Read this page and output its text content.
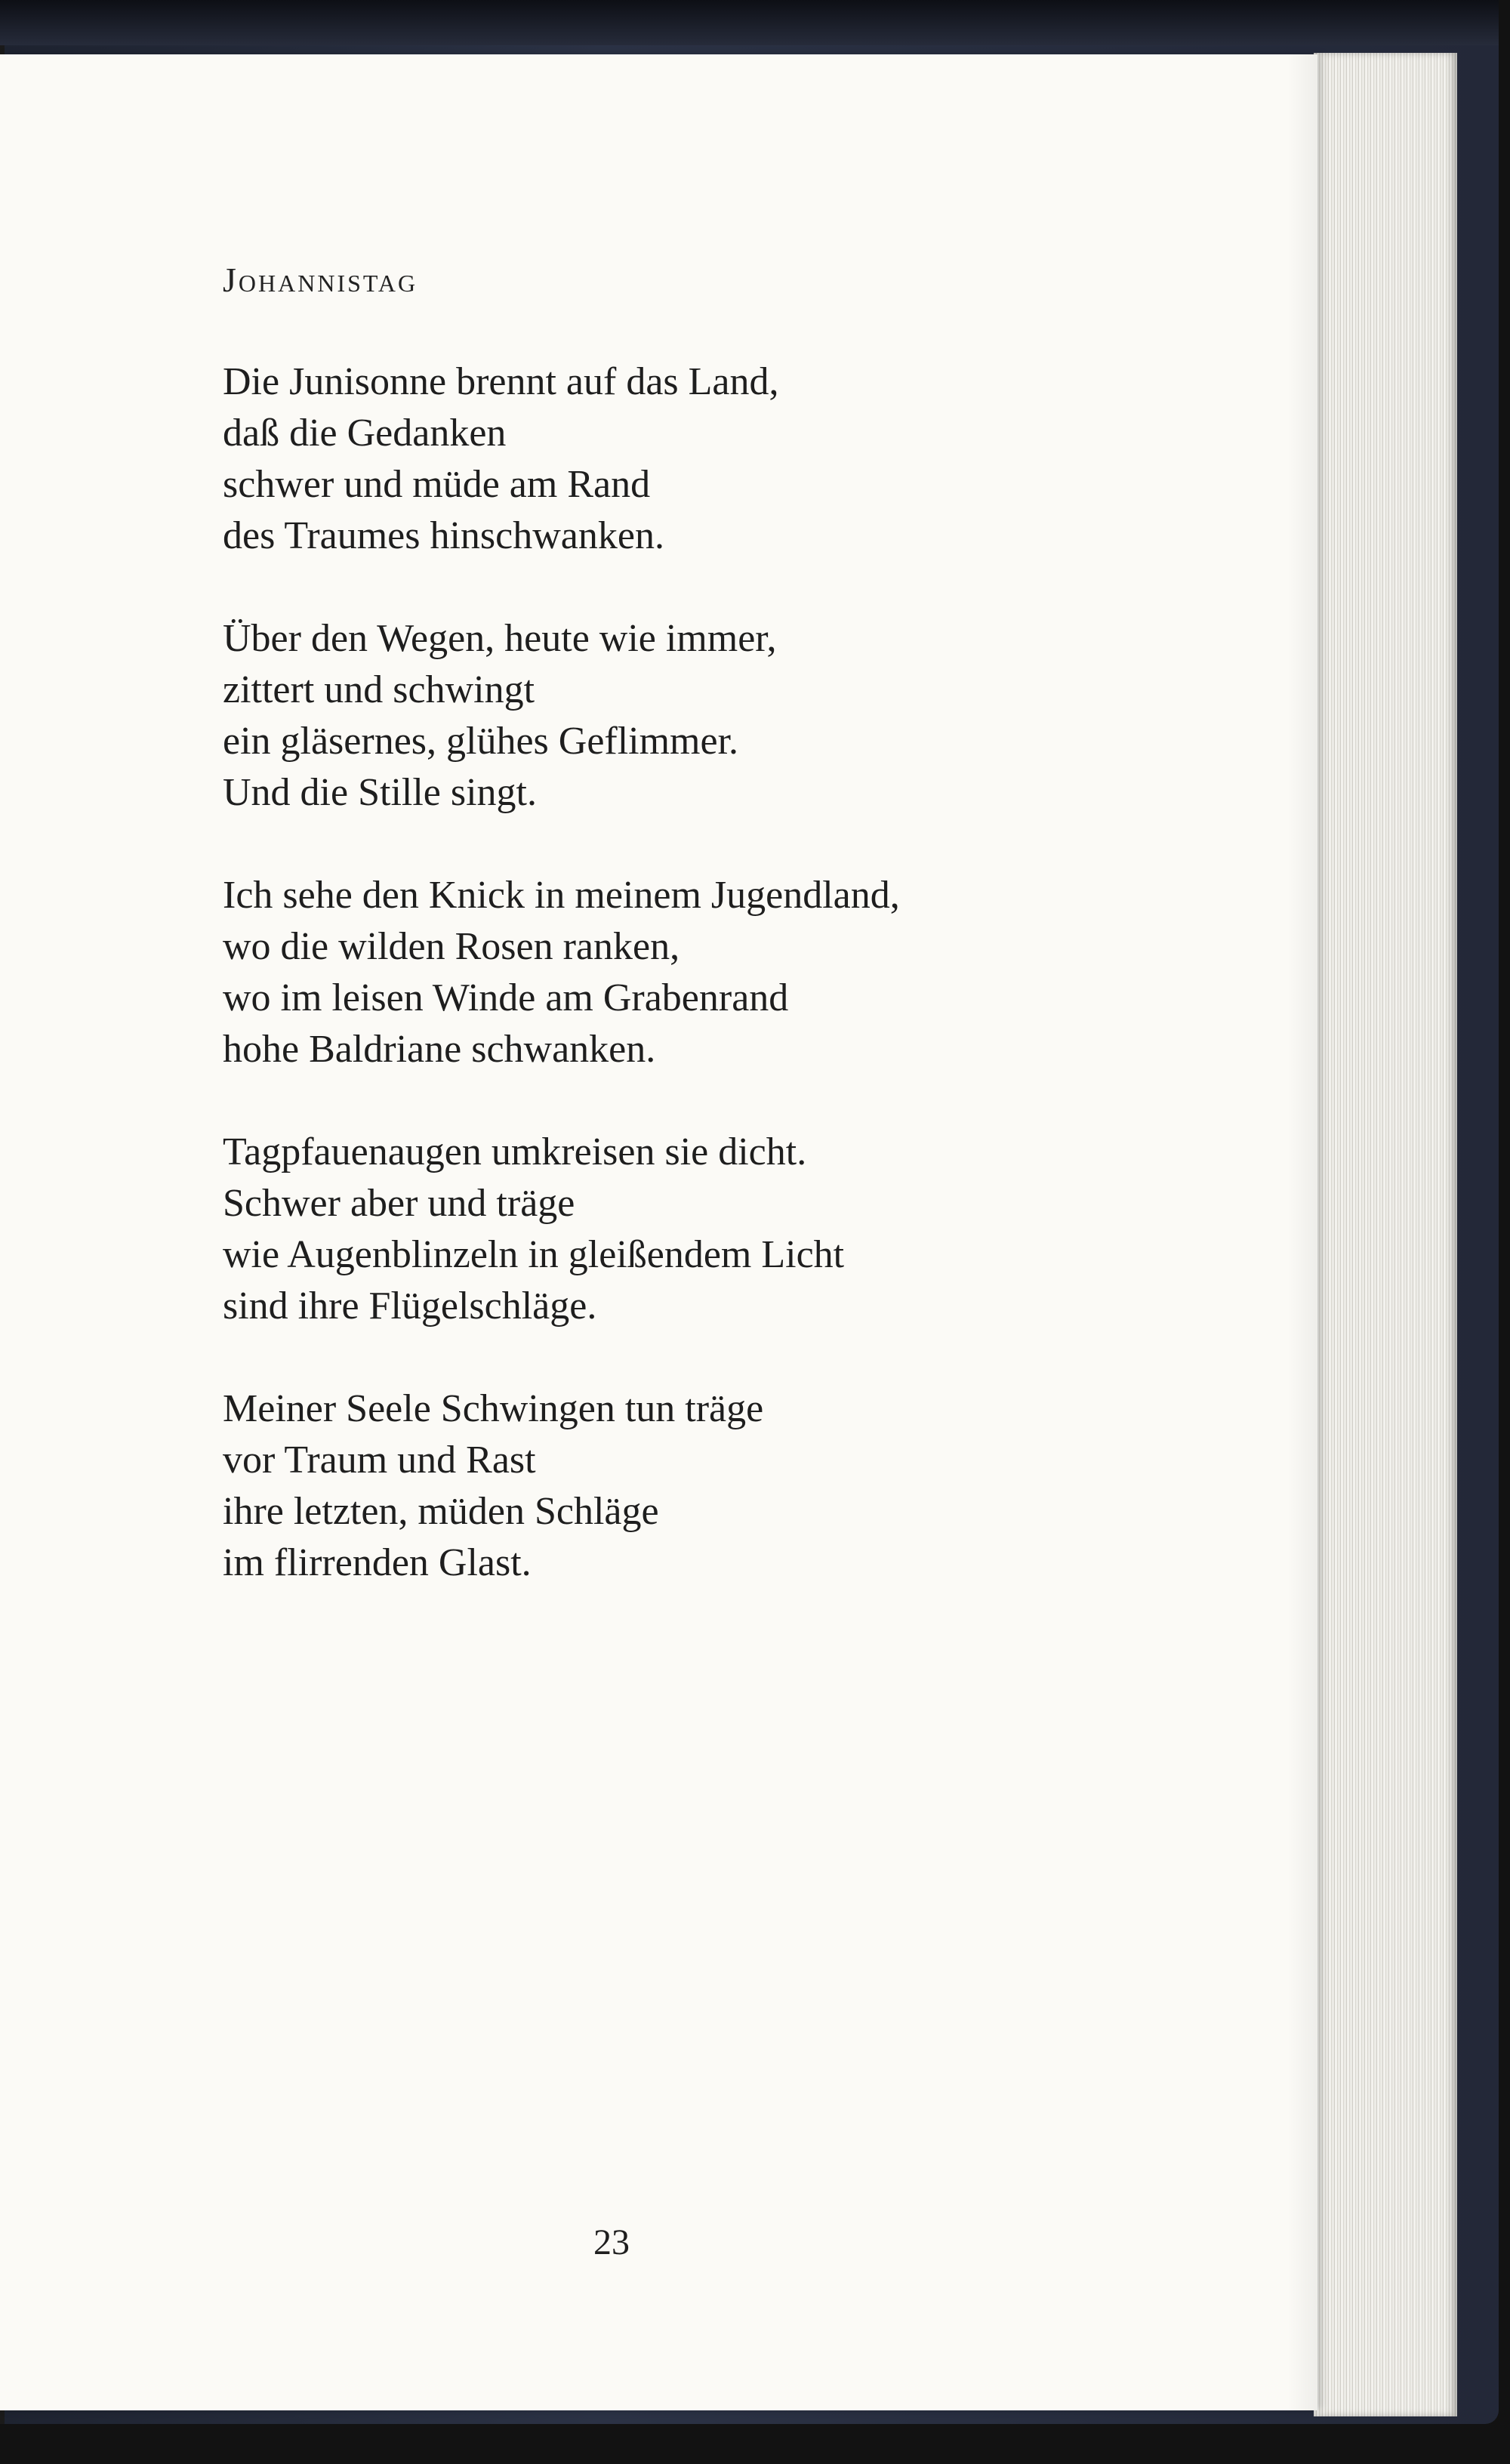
Johannistag
Die Junisonne brennt auf das Land,
daß die Gedanken
schwer und müde am Rand
des Traumes hinschwanken.
Über den Wegen, heute wie immer,
zittert und schwingt
ein gläsernes, glühes Geflimmer.
Und die Stille singt.
Ich sehe den Knick in meinem Jugendland,
wo die wilden Rosen ranken,
wo im leisen Winde am Grabenrand
hohe Baldriane schwanken.
Tagpfauenaugen umkreisen sie dicht.
Schwer aber und träge
wie Augenblinzeln in gleißendem Licht
sind ihre Flügelschläge.
Meiner Seele Schwingen tun träge
vor Traum und Rast
ihre letzten, müden Schläge
im flirrenden Glast.
23
